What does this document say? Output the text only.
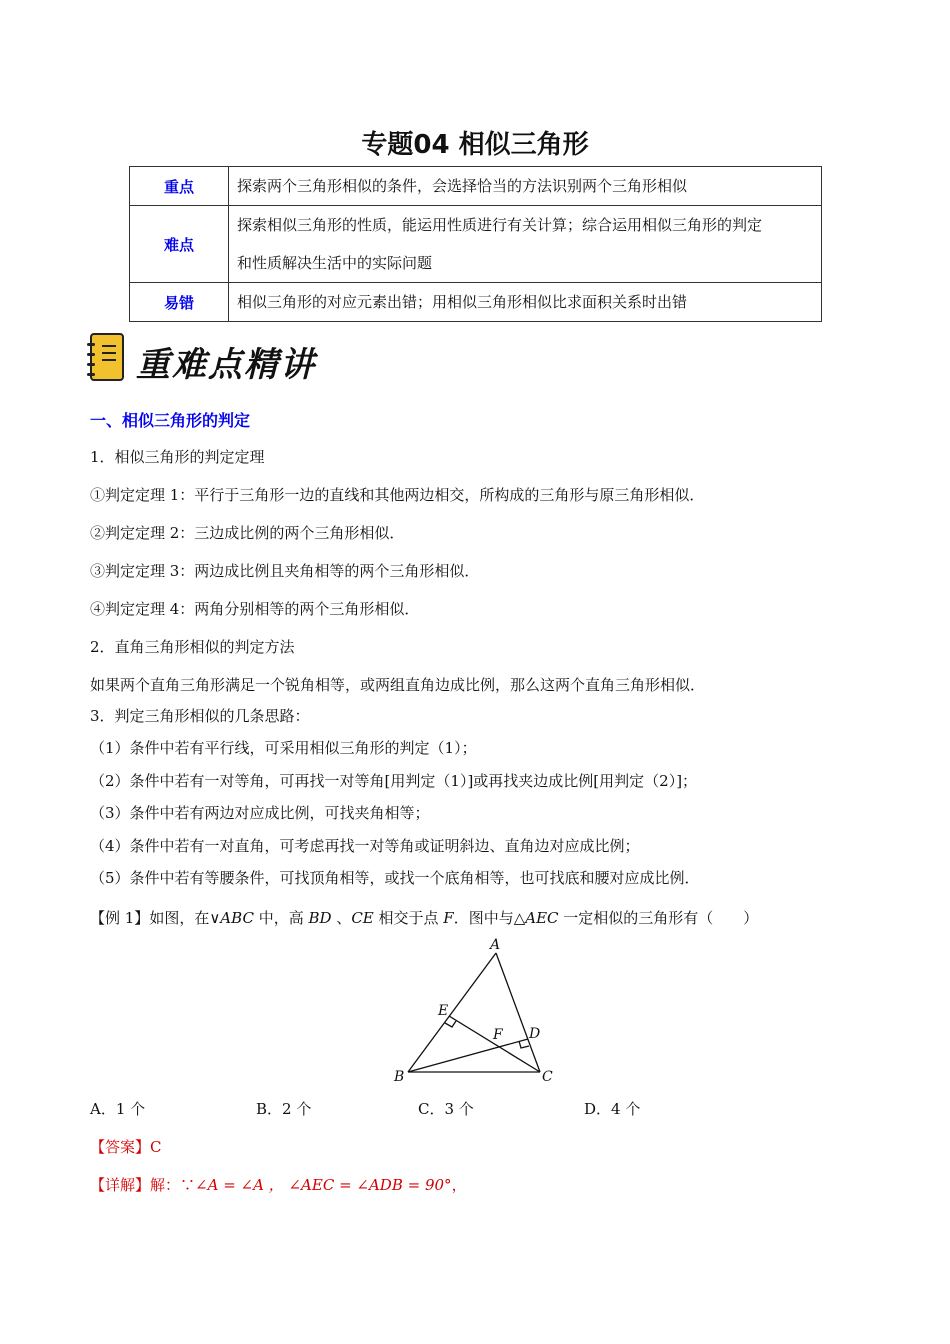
专题04 相似三角形
重点	探索两个三角形相似的条件，会选择恰当的方法识别两个三角形相似
难点	探索相似三角形的性质，能运用性质进行有关计算；综合运用相似三角形的判定
和性质解决生活中的实际问题

易错	相似三角形的对应元素出错；用相似三角形相似比求面积关系时出错
重难点精讲
一、相似三角形的判定
1．相似三角形的判定定理
①判定定理 1：平行于三角形一边的直线和其他两边相交，所构成的三角形与原三角形相似．
②判定定理 2：三边成比例的两个三角形相似．
③判定定理 3：两边成比例且夹角相等的两个三角形相似．
④判定定理 4：两角分别相等的两个三角形相似．
2．直角三角形相似的判定方法
如果两个直角三角形满足一个锐角相等，或两组直角边成比例，那么这两个直角三角形相似．
3．判定三角形相似的几条思路：
（1）条件中若有平行线，可采用相似三角形的判定（1）；
（2）条件中若有一对等角，可再找一对等角[用判定（1）]或再找夹边成比例[用判定（2）]；
（3）条件中若有两边对应成比例，可找夹角相等；
（4）条件中若有一对直角，可考虑再找一对等角或证明斜边、直角边对应成比例；
（5）条件中若有等腰条件，可找顶角相等，或找一个底角相等，也可找底和腰对应成比例．
【例 1】如图，在∨ABC 中，高 BD 、CE 相交于点 F．图中与△AEC 一定相似的三角形有（　　）
A
B	C
D
E
F
A．1 个	B．2 个	C．3 个	D．4 个
【答案】C
【详解】解：∵∠A = ∠A ， ∠AEC = ∠ADB = 90°，
